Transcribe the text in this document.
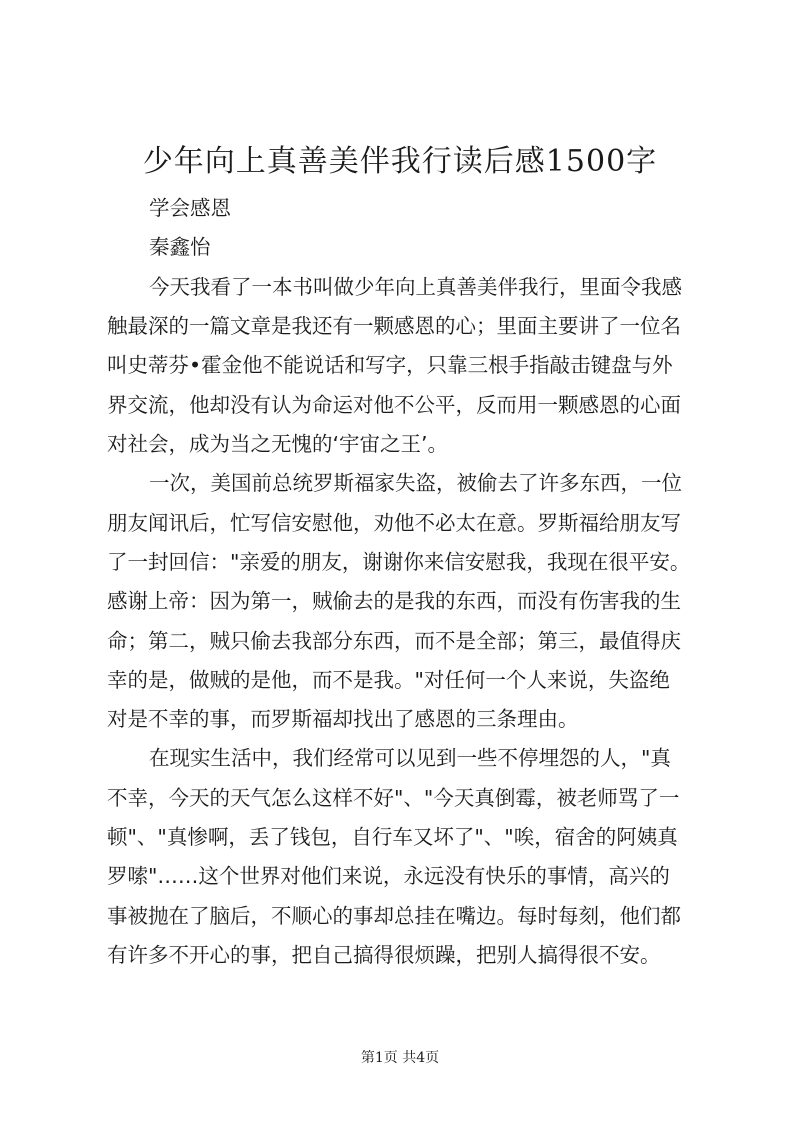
少年向上真善美伴我行读后感1500字
学会感恩
秦鑫怡
今天我看了一本书叫做少年向上真善美伴我行，里面令我感
触最深的一篇文章是我还有一颗感恩的心；里面主要讲了一位名
叫史蒂芬•霍金他不能说话和写字，只靠三根手指敲击键盘与外
界交流，他却没有认为命运对他不公平，反而用一颗感恩的心面
对社会，成为当之无愧的‘宇宙之王’。
一次，美国前总统罗斯福家失盗，被偷去了许多东西，一位
朋友闻讯后，忙写信安慰他，劝他不必太在意。罗斯福给朋友写
了一封回信："亲爱的朋友，谢谢你来信安慰我，我现在很平安。
感谢上帝：因为第一，贼偷去的是我的东西，而没有伤害我的生
命；第二，贼只偷去我部分东西，而不是全部；第三，最值得庆
幸的是，做贼的是他，而不是我。"对任何一个人来说，失盗绝
对是不幸的事，而罗斯福却找出了感恩的三条理由。
在现实生活中，我们经常可以见到一些不停埋怨的人，"真
不幸，今天的天气怎么这样不好"、"今天真倒霉，被老师骂了一
顿"、"真惨啊，丢了钱包，自行车又坏了"、"唉，宿舍的阿姨真
罗嗦"……这个世界对他们来说，永远没有快乐的事情，高兴的
事被抛在了脑后，不顺心的事却总挂在嘴边。每时每刻，他们都
有许多不开心的事，把自己搞得很烦躁，把别人搞得很不安。
第1页 共4页
